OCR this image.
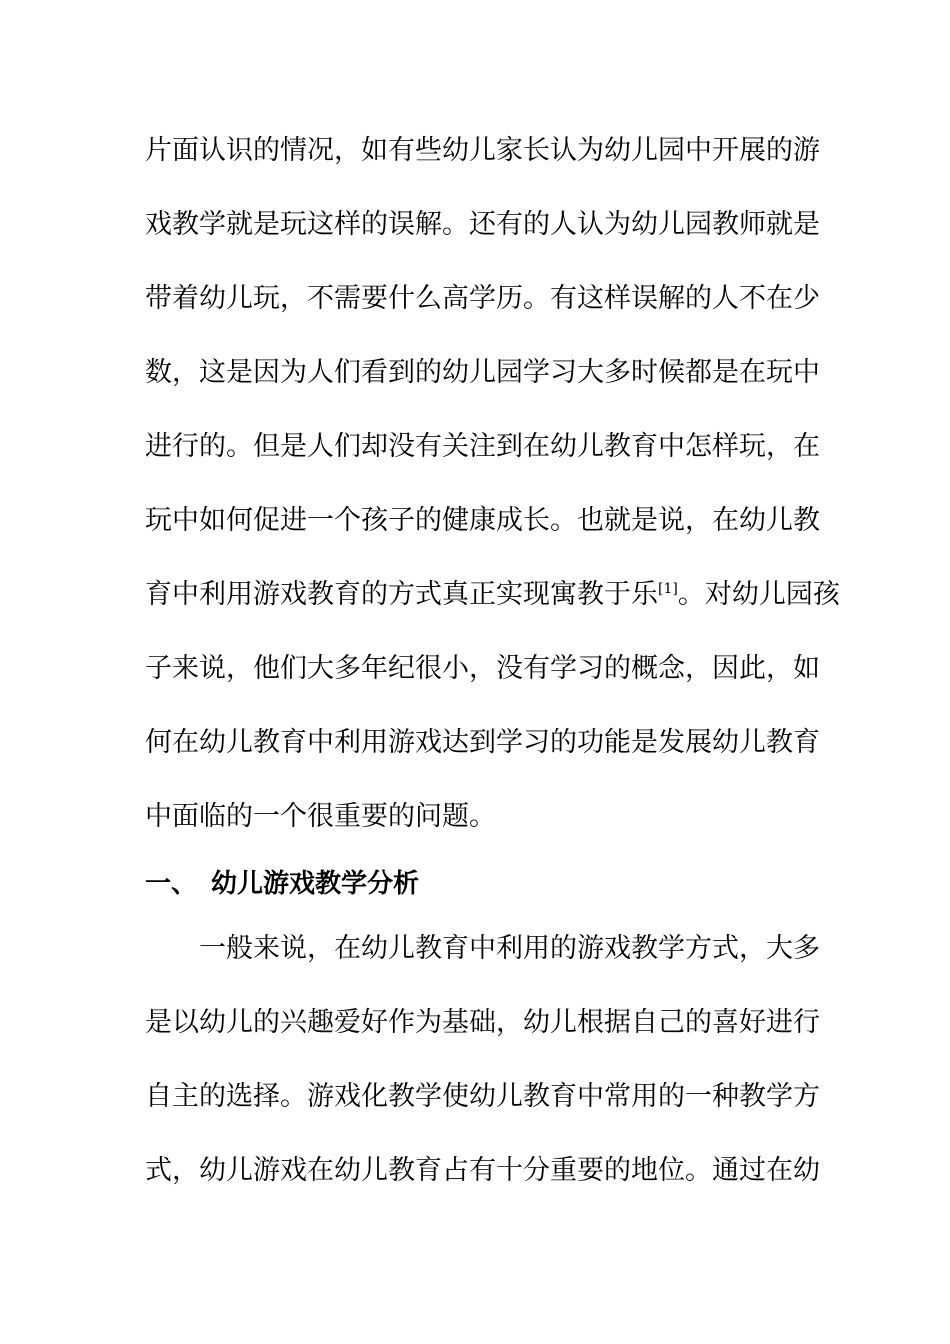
片面认识的情况，如有些幼儿家长认为幼儿园中开展的游
戏教学就是玩这样的误解。还有的人认为幼儿园教师就是
带着幼儿玩，不需要什么高学历。有这样误解的人不在少
数，这是因为人们看到的幼儿园学习大多时候都是在玩中
进行的。但是人们却没有关注到在幼儿教育中怎样玩，在
玩中如何促进一个孩子的健康成长。也就是说，在幼儿教
育中利用游戏教育的方式真正实现寓教于乐[1]。对幼儿园孩
子来说，他们大多年纪很小，没有学习的概念，因此，如
何在幼儿教育中利用游戏达到学习的功能是发展幼儿教育
中面临的一个很重要的问题。
一、 幼儿游戏教学分析
一般来说，在幼儿教育中利用的游戏教学方式，大多
是以幼儿的兴趣爱好作为基础，幼儿根据自己的喜好进行
自主的选择。游戏化教学使幼儿教育中常用的一种教学方
式，幼儿游戏在幼儿教育占有十分重要的地位。通过在幼
